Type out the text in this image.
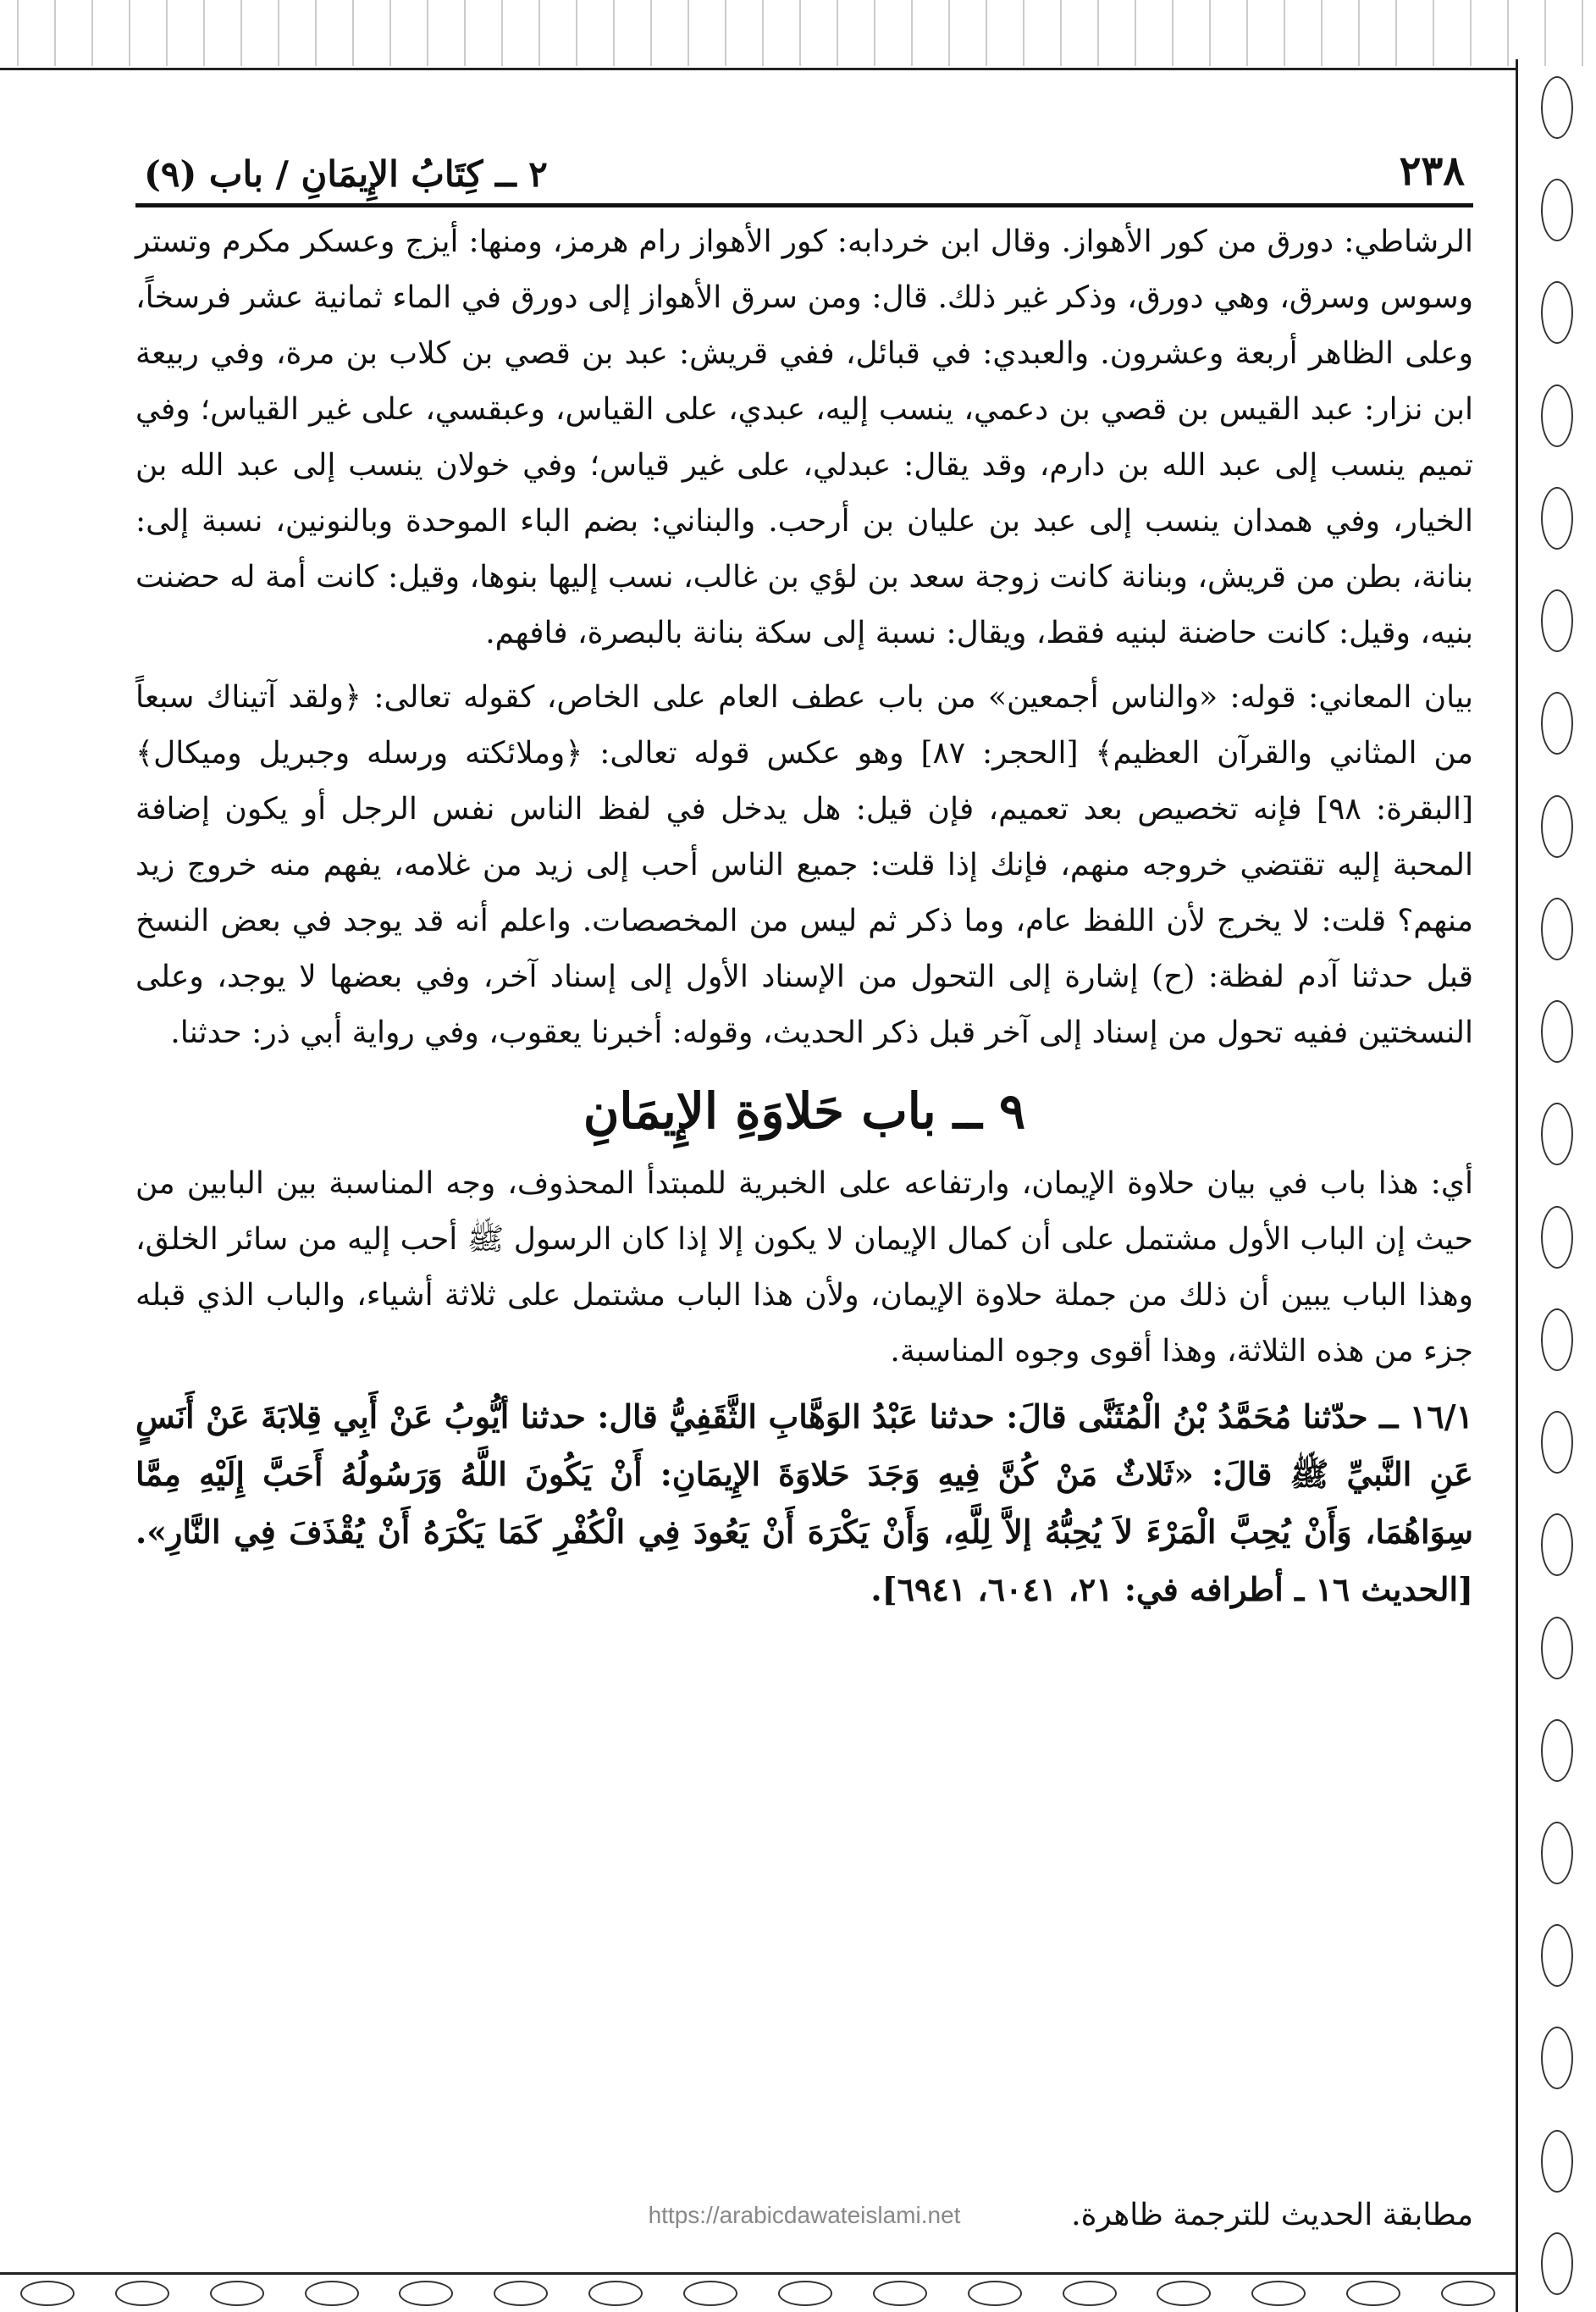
٢٣٨
٢ ــ كِتَابُ الإِيمَانِ / باب (٩)

الرشاطي: دورق من كور الأهواز. وقال ابن خردابه: كور الأهواز رام هرمز، ومنها: أيزج وعسكر مكرم وتستر وسوس وسرق، وهي دورق، وذكر غير ذلك. قال: ومن سرق الأهواز إلى دورق في الماء ثمانية عشر فرسخاً، وعلى الظاهر أربعة وعشرون. والعبدي: في قبائل، ففي قريش: عبد بن قصي بن كلاب بن مرة، وفي ربيعة ابن نزار: عبد القيس بن قصي بن دعمي، ينسب إليه، عبدي، على القياس، وعبقسي، على غير القياس؛ وفي تميم ينسب إلى عبد الله بن دارم، وقد يقال: عبدلي، على غير قياس؛ وفي خولان ينسب إلى عبد الله بن الخيار، وفي همدان ينسب إلى عبد بن عليان بن أرحب. والبناني: بضم الباء الموحدة وبالنونين، نسبة إلى: بنانة، بطن من قريش، وبنانة كانت زوجة سعد بن لؤي بن غالب، نسب إليها بنوها، وقيل: كانت أمة له حضنت بنيه، وقيل: كانت حاضنة لبنيه فقط، ويقال: نسبة إلى سكة بنانة بالبصرة، فافهم.

بيان المعاني: قوله: «والناس أجمعين» من باب عطف العام على الخاص، كقوله تعالى: ﴿ولقد آتيناك سبعاً من المثاني والقرآن العظيم﴾ [الحجر: ٨٧] وهو عكس قوله تعالى: ﴿وملائكته ورسله وجبريل وميكال﴾ [البقرة: ٩٨] فإنه تخصيص بعد تعميم، فإن قيل: هل يدخل في لفظ الناس نفس الرجل أو يكون إضافة المحبة إليه تقتضي خروجه منهم، فإنك إذا قلت: جميع الناس أحب إلى زيد من غلامه، يفهم منه خروج زيد منهم؟ قلت: لا يخرج لأن اللفظ عام، وما ذكر ثم ليس من المخصصات. واعلم أنه قد يوجد في بعض النسخ قبل حدثنا آدم لفظة: (ح) إشارة إلى التحول من الإسناد الأول إلى إسناد آخر، وفي بعضها لا يوجد، وعلى النسختين ففيه تحول من إسناد إلى آخر قبل ذكر الحديث، وقوله: أخبرنا يعقوب، وفي رواية أبي ذر: حدثنا.

٩ ــ باب حَلاوَةِ الإِيمَانِ

أي: هذا باب في بيان حلاوة الإيمان، وارتفاعه على الخبرية للمبتدأ المحذوف، وجه المناسبة بين البابين من حيث إن الباب الأول مشتمل على أن كمال الإيمان لا يكون إلا إذا كان الرسول ﷺ أحب إليه من سائر الخلق، وهذا الباب يبين أن ذلك من جملة حلاوة الإيمان، ولأن هذا الباب مشتمل على ثلاثة أشياء، والباب الذي قبله جزء من هذه الثلاثة، وهذا أقوى وجوه المناسبة.

١٦/١ ــ حدّثنا مُحَمَّدُ بْنُ الْمُثَنَّى قالَ: حدثنا عَبْدُ الوَهَّابِ الثَّقَفِيُّ قال: حدثنا أيُّوبُ عَنْ أَبِي قِلابَةَ عَنْ أَنَسٍ عَنِ النَّبيِّ ﷺ قالَ: «ثَلاثٌ مَنْ كُنَّ فِيهِ وَجَدَ حَلاوَةَ الإِيمَانِ: أَنْ يَكُونَ اللَّهُ وَرَسُولُهُ أَحَبَّ إِلَيْهِ مِمَّا سِوَاهُمَا، وَأَنْ يُحِبَّ الْمَرْءَ لاَ يُحِبُّهُ إلاَّ لِلَّهِ، وَأَنْ يَكْرَهَ أَنْ يَعُودَ فِي الْكُفْرِ كَمَا يَكْرَهُ أَنْ يُقْذَفَ فِي النَّارِ». [الحديث ١٦ ـ أطرافه في: ٢١، ٦٠٤١، ٦٩٤١].

مطابقة الحديث للترجمة ظاهرة.
https://arabicdawateislami.net
